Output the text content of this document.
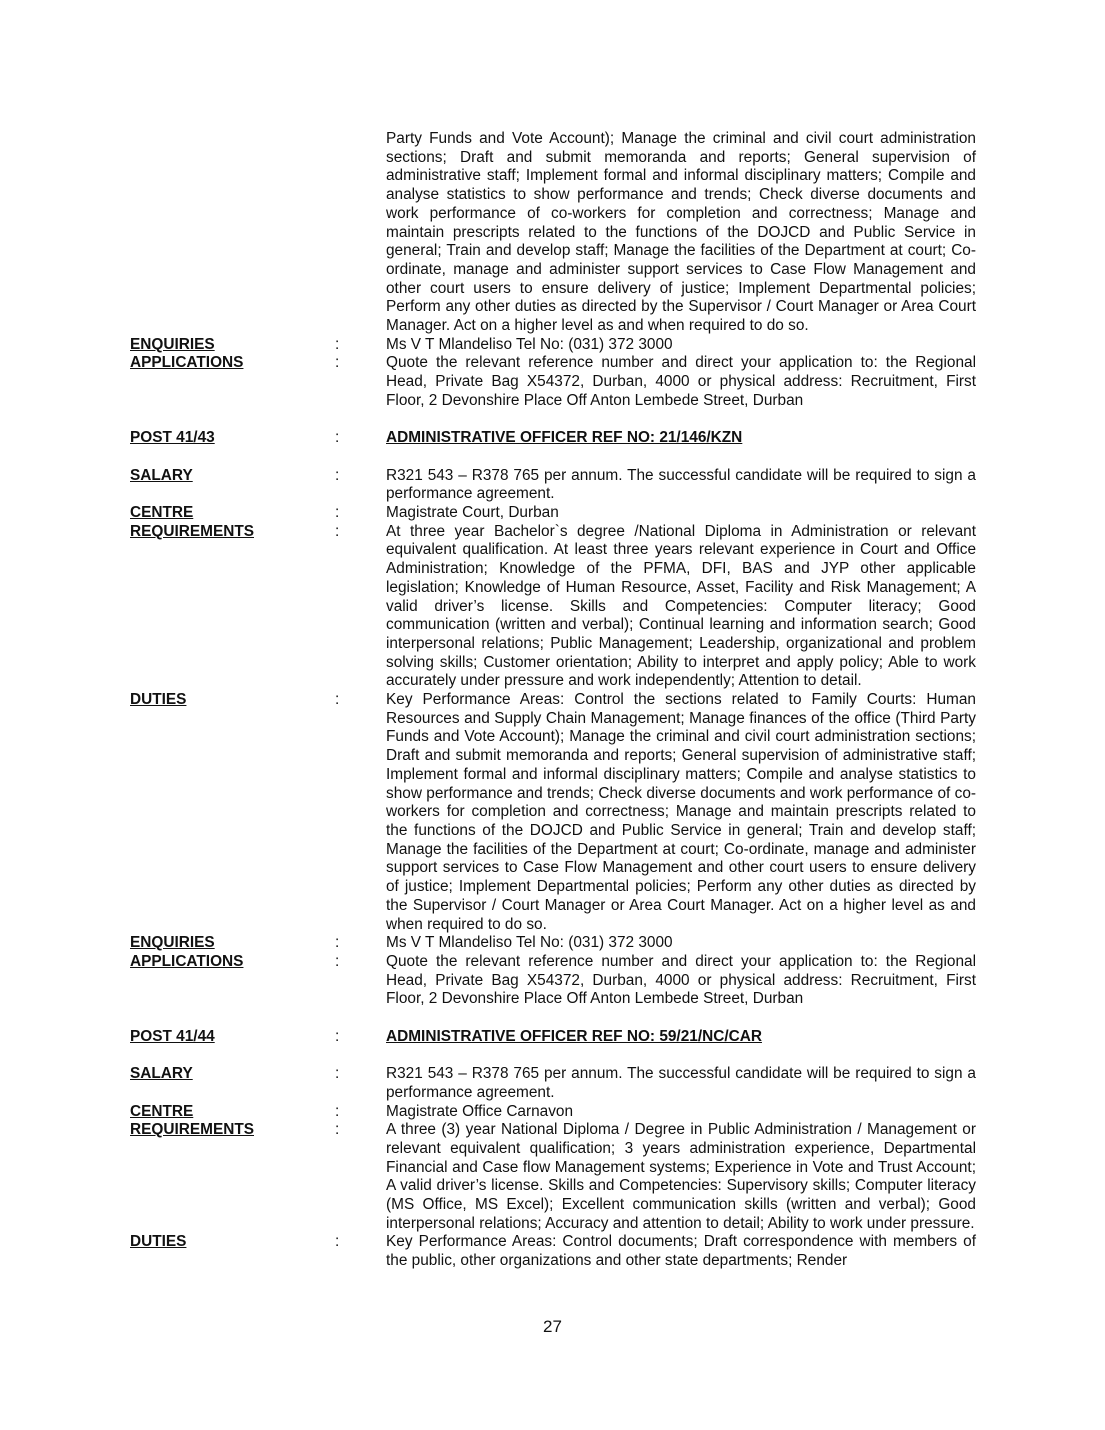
Party Funds and Vote Account); Manage the criminal and civil court administration sections; Draft and submit memoranda and reports; General supervision of administrative staff; Implement formal and informal disciplinary matters; Compile and analyse statistics to show performance and trends; Check diverse documents and work performance of co-workers for completion and correctness; Manage and maintain prescripts related to the functions of the DOJCD and Public Service in general; Train and develop staff; Manage the facilities of the Department at court; Co-ordinate, manage and administer support services to Case Flow Management and other court users to ensure delivery of justice; Implement Departmental policies; Perform any other duties as directed by the Supervisor / Court Manager or Area Court Manager. Act on a higher level as and when required to do so.
ENQUIRIES	:	Ms V T Mlandeliso Tel No: (031) 372 3000
APPLICATIONS	:	Quote the relevant reference number and direct your application to: the Regional Head, Private Bag X54372, Durban, 4000 or physical address: Recruitment, First Floor, 2 Devonshire Place Off Anton Lembede Street, Durban
POST 41/43	:	ADMINISTRATIVE OFFICER REF NO: 21/146/KZN
SALARY	:	R321 543 – R378 765 per annum. The successful candidate will be required to sign a performance agreement.
CENTRE	:	Magistrate Court, Durban
REQUIREMENTS	:	At three year Bachelor`s degree /National Diploma in Administration or relevant equivalent qualification. At least three years relevant experience in Court and Office Administration; Knowledge of the PFMA, DFI, BAS and JYP other applicable legislation; Knowledge of Human Resource, Asset, Facility and Risk Management; A valid driver’s license. Skills and Competencies: Computer literacy; Good communication (written and verbal); Continual learning and information search; Good interpersonal relations; Public Management; Leadership, organizational and problem solving skills; Customer orientation; Ability to interpret and apply policy; Able to work accurately under pressure and work independently; Attention to detail.
DUTIES	:	Key Performance Areas: Control the sections related to Family Courts: Human Resources and Supply Chain Management; Manage finances of the office (Third Party Funds and Vote Account); Manage the criminal and civil court administration sections; Draft and submit memoranda and reports; General supervision of administrative staff; Implement formal and informal disciplinary matters; Compile and analyse statistics to show performance and trends; Check diverse documents and work performance of co-workers for completion and correctness; Manage and maintain prescripts related to the functions of the DOJCD and Public Service in general; Train and develop staff; Manage the facilities of the Department at court; Co-ordinate, manage and administer support services to Case Flow Management and other court users to ensure delivery of justice; Implement Departmental policies; Perform any other duties as directed by the Supervisor / Court Manager or Area Court Manager. Act on a higher level as and when required to do so.
ENQUIRIES	:	Ms V T Mlandeliso Tel No: (031) 372 3000
APPLICATIONS	:	Quote the relevant reference number and direct your application to: the Regional Head, Private Bag X54372, Durban, 4000 or physical address: Recruitment, First Floor, 2 Devonshire Place Off Anton Lembede Street, Durban
POST 41/44	:	ADMINISTRATIVE OFFICER REF NO: 59/21/NC/CAR
SALARY	:	R321 543 – R378 765 per annum. The successful candidate will be required to sign a performance agreement.
CENTRE	:	Magistrate Office Carnavon
REQUIREMENTS	:	A three (3) year National Diploma / Degree in Public Administration / Management or relevant equivalent qualification; 3 years administration experience, Departmental Financial and Case flow Management systems; Experience in Vote and Trust Account; A valid driver’s license. Skills and Competencies: Supervisory skills; Computer literacy (MS Office, MS Excel); Excellent communication skills (written and verbal); Good interpersonal relations; Accuracy and attention to detail; Ability to work under pressure.
DUTIES	:	Key Performance Areas: Control documents; Draft correspondence with members of the public, other organizations and other state departments; Render
27
